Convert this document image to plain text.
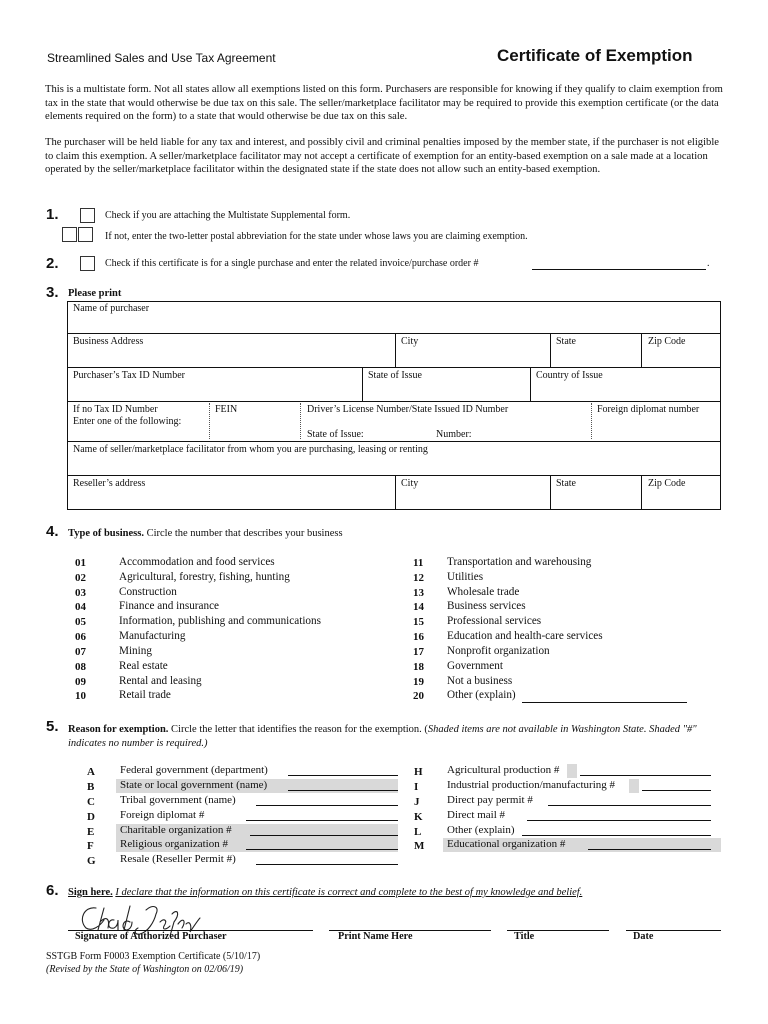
Streamlined Sales and Use Tax Agreement	Certificate of Exemption
This is a multistate form. Not all states allow all exemptions listed on this form. Purchasers are responsible for knowing if they qualify to claim exemption from tax in the state that would otherwise be due tax on this sale. The seller/marketplace facilitator may be required to provide this exemption certificate (or the data elements required on the form) to a state that would otherwise be due tax on this sale.
The purchaser will be held liable for any tax and interest, and possibly civil and criminal penalties imposed by the member state, if the purchaser is not eligible to claim this exemption. A seller/marketplace facilitator may not accept a certificate of exemption for an entity-based exemption on a sale made at a location operated by the seller/marketplace facilitator within the designated state if the state does not allow such an entity-based exemption.
1.	Check if you are attaching the Multistate Supplemental form.
If not, enter the two-letter postal abbreviation for the state under whose laws you are claiming exemption.
2.	Check if this certificate is for a single purchase and enter the related invoice/purchase order #	.
3. Please print
Name of purchaser
Business Address	City	State	Zip Code
Purchaser’s Tax ID Number	State of Issue	Country of Issue
If no Tax ID Number
Enter one of the following:
FEIN	Driver’s License Number/State Issued ID Number	Foreign diplomat number
State of Issue:	Number:
Name of seller/marketplace facilitator from whom you are purchasing, leasing or renting
Reseller’s address	City	State	Zip Code
4. Type of business. Circle the number that describes your business
01	Accommodation and food services
02	Agricultural, forestry, fishing, hunting
03	Construction
04	Finance and insurance
05	Information, publishing and communications
06	Manufacturing
07	Mining
08	Real estate
09	Rental and leasing
10	Retail trade
11 Transportation and warehousing
12 Utilities
13 Wholesale trade
14 Business services
15 Professional services
16 Education and health-care services
17 Nonprofit organization
18 Government
19 Not a business
20 Other (explain)
5. Reason for exemption. Circle the letter that identifies the reason for the exemption. (Shaded items are not available in Washington State. Shaded "#" indicates no number is required.)
A Federal government (department)
B State or local government (name)
C Tribal government (name)
D Foreign diplomat #
E Charitable organization #
F Religious organization #
G Resale (Reseller Permit #)
H Agricultural production #
I	Industrial production/manufacturing #
J	Direct pay permit #
K Direct mail #
L Other (explain)
M Educational organization #
6. Sign here. I declare that the information on this certificate is correct and complete to the best of my knowledge and belief.
Signature of Authorized Purchaser	Print Name Here	Title	Date
SSTGB Form F0003 Exemption Certificate (5/10/17)
(Revised by the State of Washington on 02/06/19)
